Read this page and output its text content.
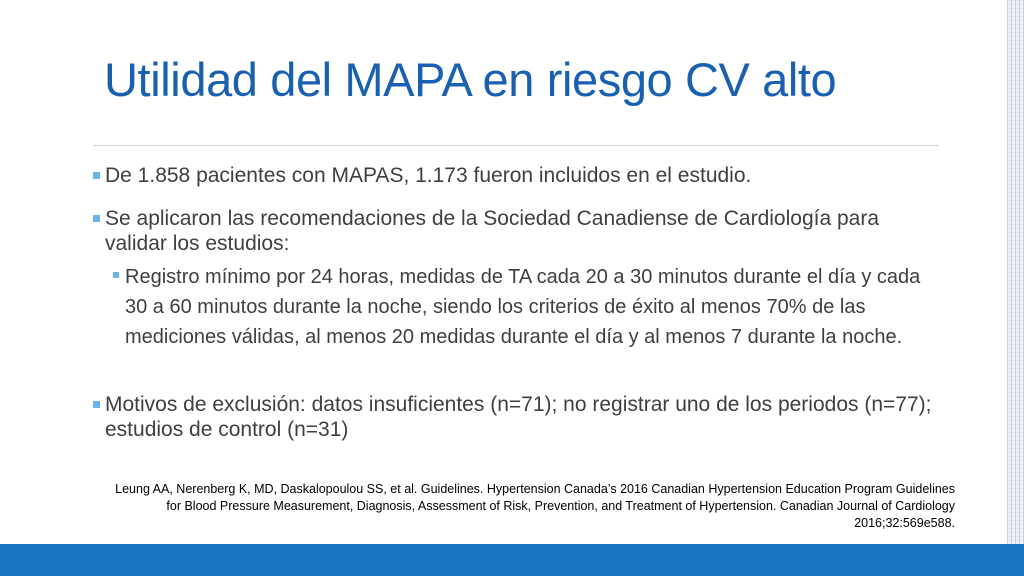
Utilidad del MAPA en riesgo CV alto
De 1.858 pacientes con MAPAS, 1.173 fueron incluidos en el estudio.
Se aplicaron las recomendaciones de la Sociedad Canadiense de Cardiología para validar los estudios:
Registro mínimo por 24 horas, medidas de TA cada 20 a 30 minutos durante el día y cada 30 a 60 minutos durante la noche, siendo los criterios de éxito al menos 70% de las mediciones válidas, al menos 20 medidas durante el día y al menos 7 durante la noche.
Motivos de exclusión: datos insuficientes (n=71); no registrar uno de los periodos (n=77); estudios de control (n=31)

Leung AA, Nerenberg K, MD, Daskalopoulou SS, et al. Guidelines. Hypertension Canada’s 2016 Canadian Hypertension Education Program Guidelines for Blood Pressure Measurement, Diagnosis, Assessment of Risk, Prevention, and Treatment of Hypertension. Canadian Journal of Cardiology 2016;32:569e588.
